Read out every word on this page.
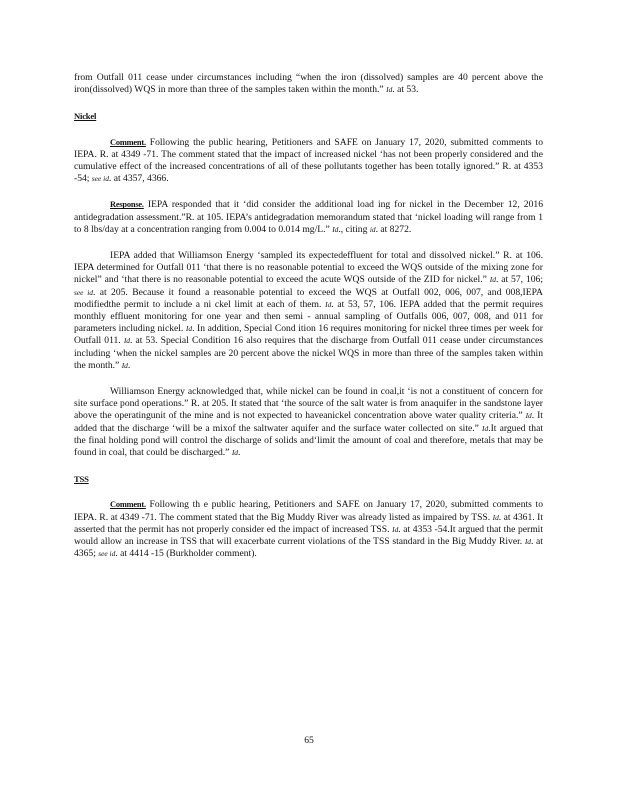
from Outfall 011 cease under circumstances including “when the iron (dissolved) samples are 40 percent above the iron(dissolved) WQS in more than three of the samples taken within the month.” Id. at 53.

Nickel

Comment. Following the public hearing, Petitioners and SAFE on January 17, 2020, submitted comments to IEPA. R. at 4349 -71. The comment stated that the impact of increased nickel ‘has not been properly considered and the cumulative effect of the increased concentrations of all of these pollutants together has been totally ignored.” R. at 4353 -54; see id. at 4357, 4366.

Response. IEPA responded that it ‘did consider the additional load ing for nickel in the December 12, 2016 antidegradation assessment.”R. at 105. IEPA’s antidegradation memorandum stated that ‘nickel loading will range from 1 to 8 lbs/day at a concentration ranging from 0.004 to 0.014 mg/L.” Id., citing id. at 8272.

IEPA added that Williamson Energy ‘sampled its expectedeffluent for total and dissolved nickel.” R. at 106. IEPA determined for Outfall 011 ‘that there is no reasonable potential to exceed the WQS outside of the mixing zone for nickel” and ‘that there is no reasonable potential to exceed the acute WQS outside of the ZID for nickel.” Id. at 57, 106; see id. at 205. Because it found a reasonable potential to exceed the WQS at Outfall 002, 006, 007, and 008,IEPA modifiedthe permit to include a ni ckel limit at each of them. Id. at 53, 57, 106. IEPA added that the permit requires monthly effluent monitoring for one year and then semi - annual sampling of Outfalls 006, 007, 008, and 011 for parameters including nickel. Id. In addition, Special Cond ition 16 requires monitoring for nickel three times per week for Outfall 011. Id. at 53. Special Condition 16 also requires that the discharge from Outfall 011 cease under circumstances including ‘when the nickel samples are 20 percent above the nickel WQS in more than three of the samples taken within the month.” Id.

Williamson Energy acknowledged that, while nickel can be found in coal,it ‘is not a constituent of concern for site surface pond operations.” R. at 205. It stated that ‘the source of the salt water is from anaquifer in the sandstone layer above the operatingunit of the mine and is not expected to haveanickel concentration above water quality criteria.” Id. It added that the discharge ‘will be a mixof the saltwater aquifer and the surface water collected on site.” Id.It argued that the final holding pond will control the discharge of solids and‘limit the amount of coal and therefore, metals that may be found in coal, that could be discharged.” Id.

TSS

Comment. Following th e public hearing, Petitioners and SAFE on January 17, 2020, submitted comments to IEPA. R. at 4349 -71. The comment stated that the Big Muddy River was already listed as impaired by TSS. Id. at 4361. It asserted that the permit has not properly consider ed the impact of increased TSS. Id. at 4353 -54.It argued that the permit would allow an increase in TSS that will exacerbate current violations of the TSS standard in the Big Muddy River. Id. at 4365; see id. at 4414 -15 (Burkholder comment).

65
